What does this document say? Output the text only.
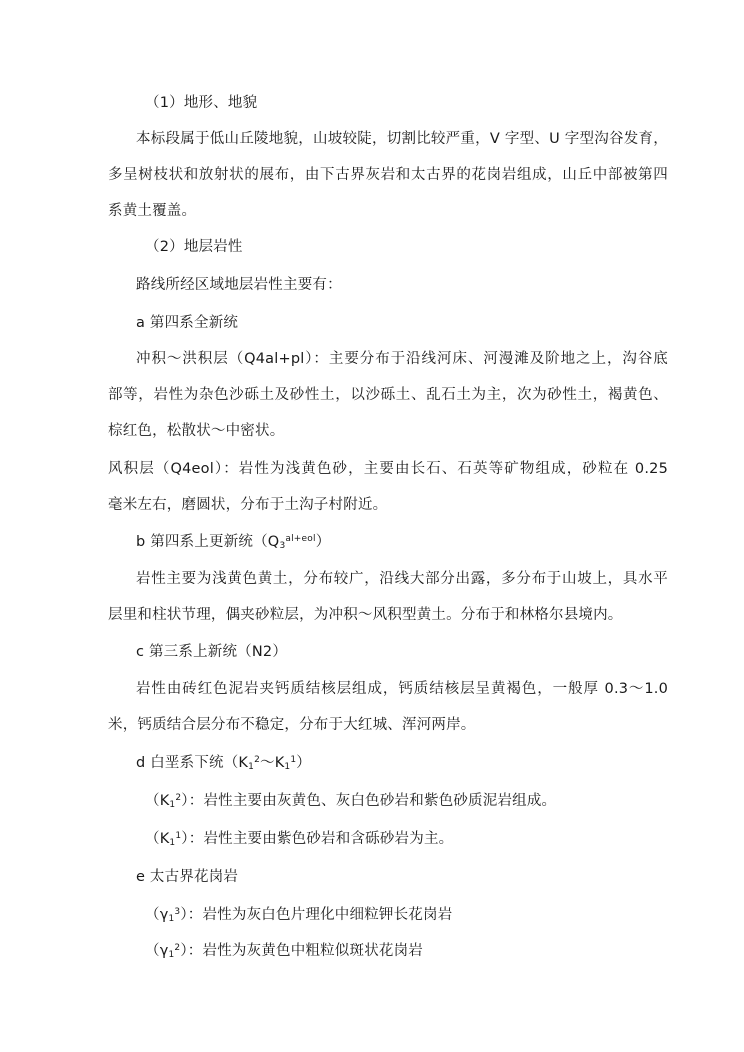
（1）地形、地貌
本标段属于低山丘陵地貌，山坡较陡，切割比较严重，V 字型、U 字型沟谷发育，
多呈树枝状和放射状的展布，由下古界灰岩和太古界的花岗岩组成，山丘中部被第四
系黄土覆盖。
（2）地层岩性
路线所经区域地层岩性主要有：
a 第四系全新统
冲积～洪积层（Q4al+pl）：主要分布于沿线河床、河漫滩及阶地之上，沟谷底
部等，岩性为杂色沙砾土及砂性土，以沙砾土、乱石土为主，次为砂性土，褐黄色、
棕红色，松散状～中密状。
风积层（Q4eol）：岩性为浅黄色砂，主要由长石、石英等矿物组成，砂粒在 0.25
毫米左右，磨圆状，分布于土沟子村附近。
b 第四系上更新统$(Q_3^{al+eol})$
岩性主要为浅黄色黄土，分布较广，沿线大部分出露，多分布于山坡上，具水平
层里和柱状节理，偶夹砂粒层，为冲积～风积型黄土。分布于和林格尔县境内。
c 第三系上新统（N2）
岩性由砖红色泥岩夹钙质结核层组成，钙质结核层呈黄褐色，一般厚 0.3～1.0
米，钙质结合层分布不稳定，分布于大红城、浑河两岸。
d 白垩系下统$(K_1^2\sim K_1^1)$
$(K_1^2)$：岩性主要由灰黄色、灰白色砂岩和紫色砂质泥岩组成。
$(K_1^1)$：岩性主要由紫色砂岩和含砾砂岩为主。
e 太古界花岗岩
$(\gamma_1^3)$：岩性为灰白色片理化中细粒钾长花岗岩
$(\gamma_1^2)$：岩性为灰黄色中粗粒似斑状花岗岩
